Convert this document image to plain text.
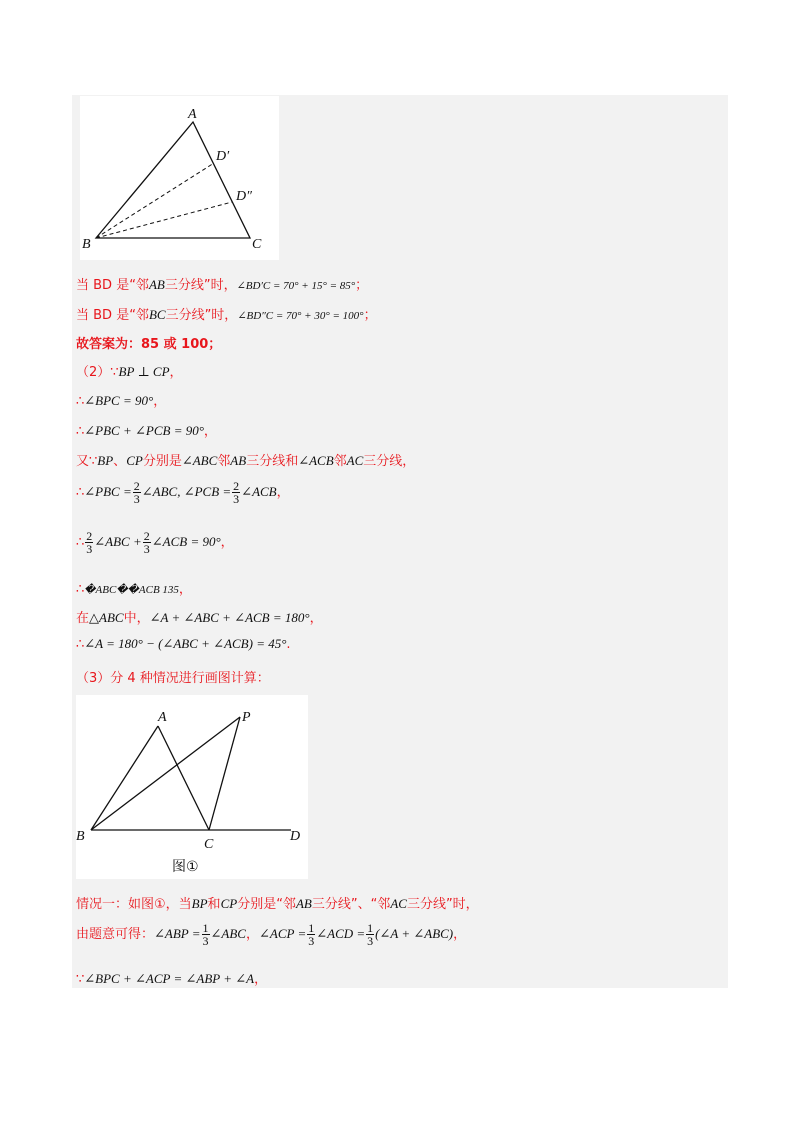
A
D′
D″
B	C
当 BD 是“邻AB三分线”时，∠BD′C = 70° + 15° = 85°；
当 BD 是“邻BC三分线”时，∠BD″C = 70° + 30° = 100°；
故答案为：85 或 100；
（2）∵BP ⊥ CP，
∴∠BPC = 90°，
∴∠PBC + ∠PCB = 90°，
又∵BP、CP分别是∠ABC邻AB三分线和∠ACB邻AC三分线，
∴∠PBC = $\frac{2}{3}$ ∠ABC, ∠PCB = $\frac{2}{3}$ ∠ACB，
∴ $\frac{2}{3}$ ∠ABC + $\frac{2}{3}$ ∠ACB = 90°，
∴�ABC��ACB 135，
在△ABC中，∠A + ∠ABC + ∠ACB = 180°，
∴∠A = 180° − (∠ABC + ∠ACB) = 45°.
（3）分 4 种情况进行画图计算：
A	P
B
C
D
图①
情况一：如图①，当BP和CP分别是“邻AB三分线”、“邻AC三分线”时，
由题意可得：∠ABP = $\frac{1}{3}$ ∠ABC，∠ACP = $\frac{1}{3}$ ∠ACD = $\frac{1}{3}$ (∠A + ∠ABC)，
∵∠BPC + ∠ACP = ∠ABP + ∠A，
